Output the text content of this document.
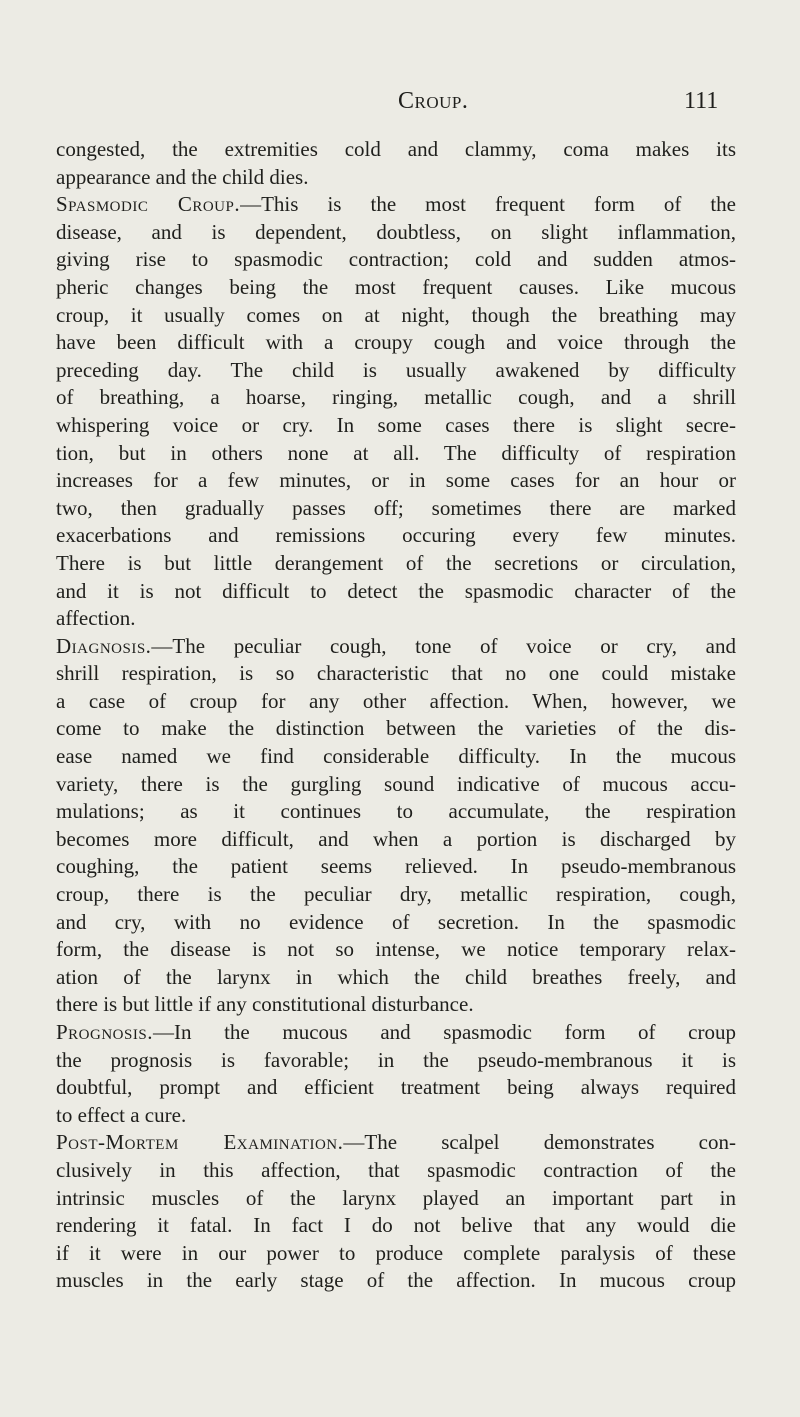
Croup.	111
congested, the extremities cold and clammy, coma makes its
appearance and the child dies.
Spasmodic Croup.—This is the most frequent form of the
disease, and is dependent, doubtless, on slight inflammation,
giving rise to spasmodic contraction; cold and sudden atmos-
pheric changes being the most frequent causes. Like mucous
croup, it usually comes on at night, though the breathing may
have been difficult with a croupy cough and voice through the
preceding day. The child is usually awakened by difficulty
of breathing, a hoarse, ringing, metallic cough, and a shrill
whispering voice or cry. In some cases there is slight secre-
tion, but in others none at all. The difficulty of respiration
increases for a few minutes, or in some cases for an hour or
two, then gradually passes off; sometimes there are marked
exacerbations and remissions occuring every few minutes.
There is but little derangement of the secretions or circulation,
and it is not difficult to detect the spasmodic character of the
affection.
Diagnosis.—The peculiar cough, tone of voice or cry, and
shrill respiration, is so characteristic that no one could mistake
a case of croup for any other affection. When, however, we
come to make the distinction between the varieties of the dis-
ease named we find considerable difficulty. In the mucous
variety, there is the gurgling sound indicative of mucous accu-
mulations; as it continues to accumulate, the respiration
becomes more difficult, and when a portion is discharged by
coughing, the patient seems relieved. In pseudo-membranous
croup, there is the peculiar dry, metallic respiration, cough,
and cry, with no evidence of secretion. In the spasmodic
form, the disease is not so intense, we notice temporary relax-
ation of the larynx in which the child breathes freely, and
there is but little if any constitutional disturbance.
Prognosis.—In the mucous and spasmodic form of croup
the prognosis is favorable; in the pseudo-membranous it is
doubtful, prompt and efficient treatment being always required
to effect a cure.
Post-Mortem Examination.—The scalpel demonstrates con-
clusively in this affection, that spasmodic contraction of the
intrinsic muscles of the larynx played an important part in
rendering it fatal. In fact I do not belive that any would die
if it were in our power to produce complete paralysis of these
muscles in the early stage of the affection. In mucous croup
